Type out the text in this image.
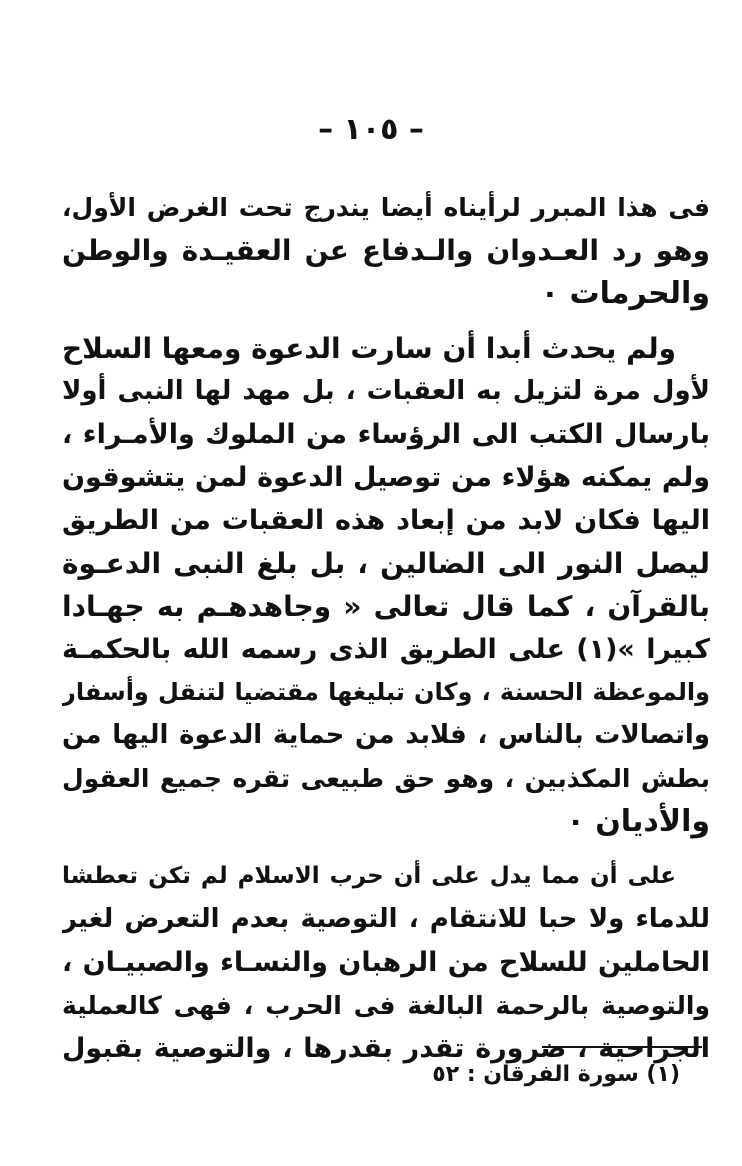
– ١٠٥ –
فى هذا المبرر لرأيناه أيضا يندرج تحت الغرض الأول،
وهو رد العـدوان والـدفاع عن العقيـدة والوطن
والحرمات ٠
ولم يحدث أبدا أن سارت الدعوة ومعها السلاح
لأول مرة لتزيل به العقبات ، بل مهد لها النبى أولا
بارسال الكتب الى الرؤساء من الملوك والأمـراء ،
ولم يمكنه هؤلاء من توصيل الدعوة لمن يتشوقون
اليها فكان لابد من إبعاد هذه العقبات من الطريق
ليصل النور الى الضالين ، بل بلغ النبى الدعـوة
بالقرآن ، كما قال تعالى « وجاهدهـم به جهـادا
كبيرا »(١) على الطريق الذى رسمه الله بالحكمـة
والموعظة الحسنة ، وكان تبليغها مقتضيا لتنقل وأسفار
واتصالات بالناس ، فلابد من حماية الدعوة اليها من
بطش المكذبين ، وهو حق طبيعى تقره جميع العقول
والأديان ٠
على أن مما يدل على أن حرب الاسلام لم تكن تعطشا
للدماء ولا حبا للانتقام ، التوصية بعدم التعرض لغير
الحاملين للسلاح من الرهبان والنسـاء والصبيـان ،
والتوصية بالرحمة البالغة فى الحرب ، فهى كالعملية
الجراحية ، ضرورة تقدر بقدرها ، والتوصية بقبول
(١) سورة الفرقان : ٥٢
